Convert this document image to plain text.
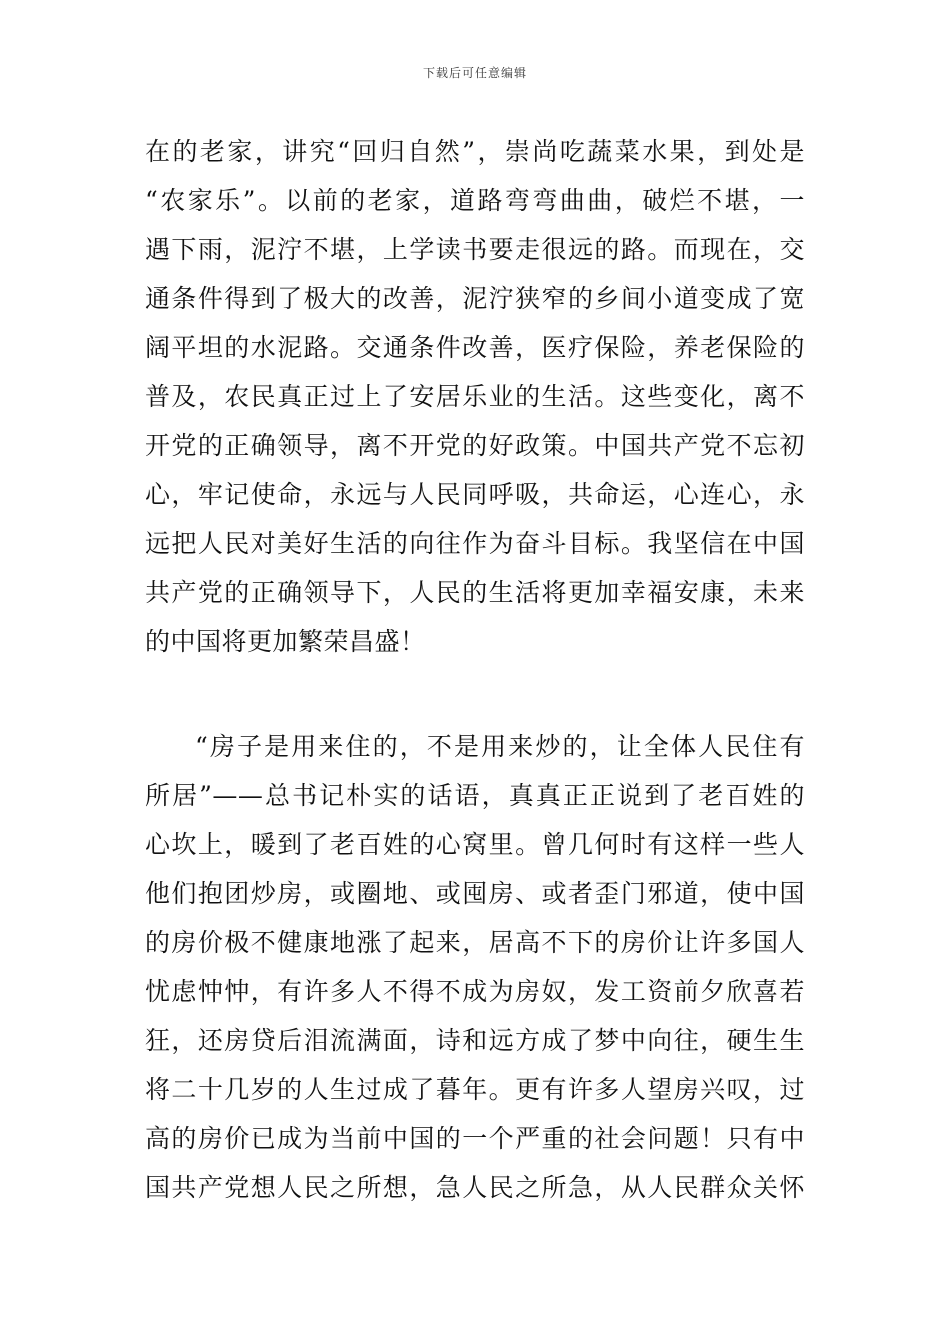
下载后可任意编辑
在的老家，讲究“回归自然”，崇尚吃蔬菜水果，到处是
“农家乐”。以前的老家，道路弯弯曲曲，破烂不堪，一
遇下雨，泥泞不堪，上学读书要走很远的路。而现在，交
通条件得到了极大的改善，泥泞狭窄的乡间小道变成了宽
阔平坦的水泥路。交通条件改善，医疗保险，养老保险的
普及，农民真正过上了安居乐业的生活。这些变化，离不
开党的正确领导，离不开党的好政策。中国共产党不忘初
心，牢记使命，永远与人民同呼吸，共命运，心连心，永
远把人民对美好生活的向往作为奋斗目标。我坚信在中国
共产党的正确领导下，人民的生活将更加幸福安康，未来
的中国将更加繁荣昌盛！
“房子是用来住的，不是用来炒的，让全体人民住有
所居”——总书记朴实的话语，真真正正说到了老百姓的
心坎上，暖到了老百姓的心窝里。曾几何时有这样一些人
他们抱团炒房，或圈地、或囤房、或者歪门邪道，使中国
的房价极不健康地涨了起来，居高不下的房价让许多国人
忧虑忡忡，有许多人不得不成为房奴，发工资前夕欣喜若
狂，还房贷后泪流满面，诗和远方成了梦中向往，硬生生
将二十几岁的人生过成了暮年。更有许多人望房兴叹，过
高的房价已成为当前中国的一个严重的社会问题！只有中
国共产党想人民之所想，急人民之所急，从人民群众关怀
